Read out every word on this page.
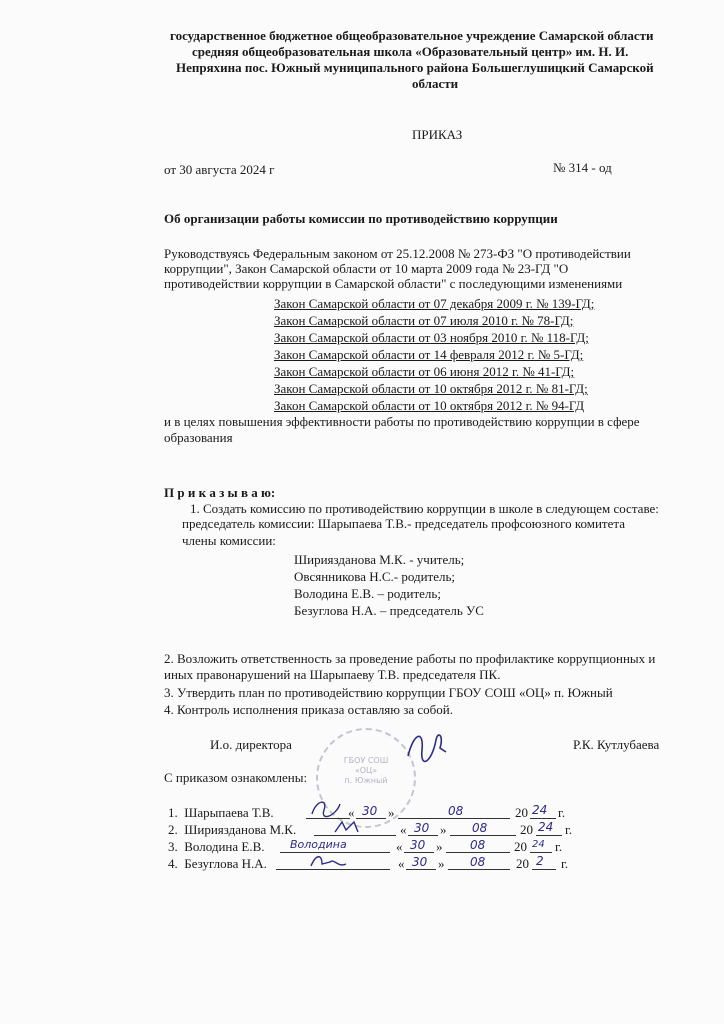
государственное бюджетное общеобразовательное учреждение Самарской области
средняя общеобразовательная школа «Образовательный центр» им. Н. И.
Непряхина пос. Южный муниципального района Большеглушицкий Самарской
области
ПРИКАЗ
от 30 августа 2024 г	№ 314 - од
Об организации работы комиссии по противодействию коррупции
Руководствуясь Федеральным законом от 25.12.2008 № 273-ФЗ "О противодействии
коррупции", Закон Самарской области от 10 марта 2009 года № 23-ГД "О
противодействии коррупции в Самарской области" с последующими изменениями
Закон Самарской области от 07 декабря 2009 г. № 139-ГД;
Закон Самарской области от 07 июля 2010 г. № 78-ГД;
Закон Самарской области от 03 ноября 2010 г. № 118-ГД;
Закон Самарской области от 14 февраля 2012 г. № 5-ГД;
Закон Самарской области от 06 июня 2012 г. № 41-ГД;
Закон Самарской области от 10 октября 2012 г. № 81-ГД;
Закон Самарской области от 10 октября 2012 г. № 94-ГД
и в целях повышения эффективности работы по противодействию коррупции в сфере
образования
П р и к а з ы в а ю:
1. Создать комиссию по противодействию коррупции в школе в следующем составе:
председатель комиссии: Шарыпаева Т.В.- председатель профсоюзного комитета
члены комиссии:
Шириязданова М.К. - учитель;
Овсянникова Н.С.- родитель;
Володина Е.В. – родитель;
Безуглова Н.А. – председатель УС
2. Возложить ответственность за проведение работы по профилактике коррупционных и
иных правонарушений на Шарыпаеву Т.В. председателя ПК.
3. Утвердить план по противодействию коррупции ГБОУ СОШ «ОЦ» п. Южный
4. Контроль исполнения приказа оставляю за собой.
И.о. директора	Р.К. Кутлубаева
ГБОУ СОШ
«ОЦ»
п. Южный
С приказом ознакомлены:
1. Шарыпаева Т.В.	« 30 »	08	20 24 г.
2. Шириязданова М.К.	« 30 » 08	20 24 г.
3. Володина Е.В. Володина	« 30 » 08 20 24 г.
4. Безуглова Н.А.	« 30 » 08 20 2 г.
